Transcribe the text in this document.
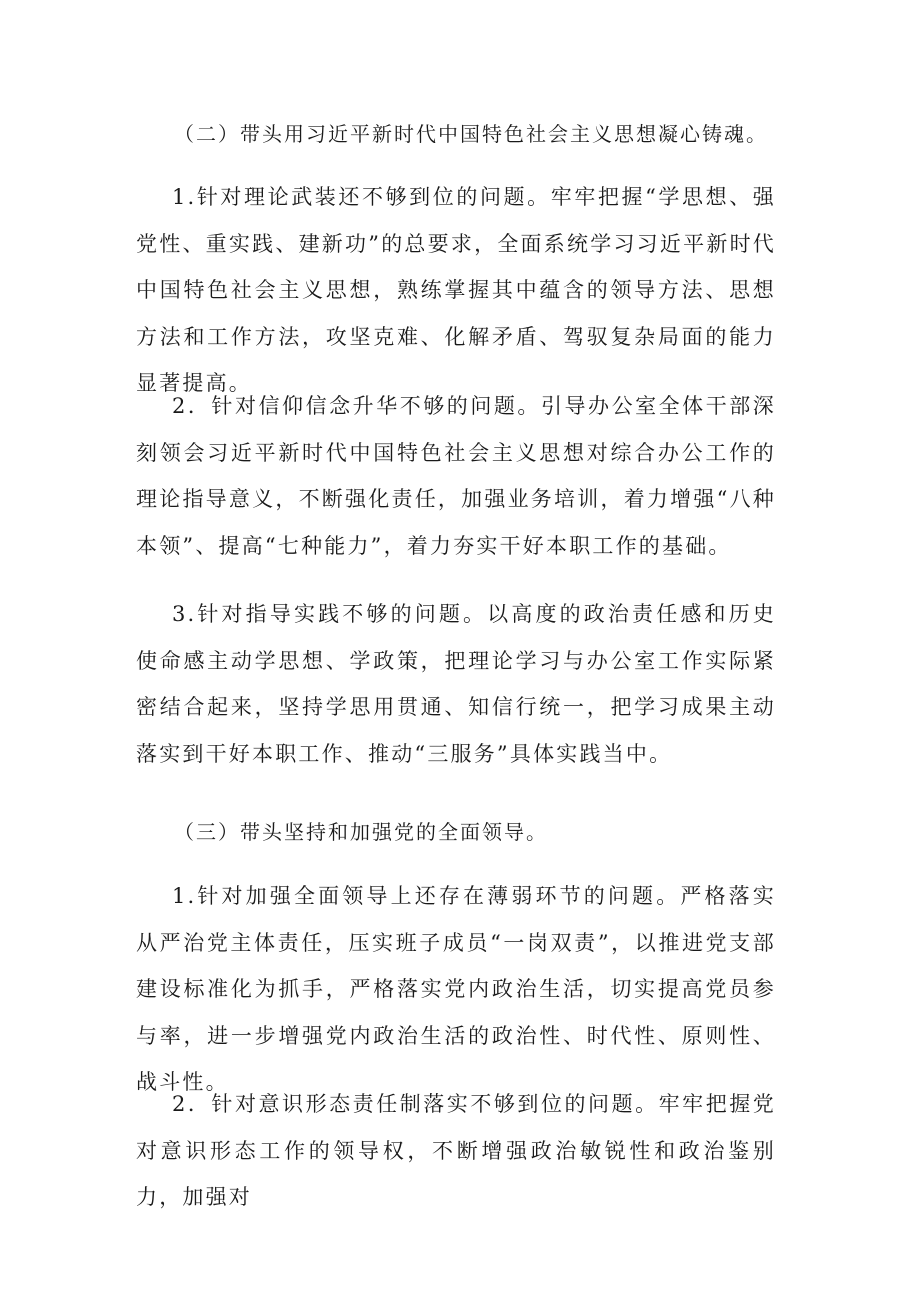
（二）带头用习近平新时代中国特色社会主义思想凝心铸魂。

1.针对理论武装还不够到位的问题。牢牢把握“学思想、强党性、重实践、建新功”的总要求，全面系统学习习近平新时代中国特色社会主义思想，熟练掌握其中蕴含的领导方法、思想方法和工作方法，攻坚克难、化解矛盾、驾驭复杂局面的能力显著提高。

2．针对信仰信念升华不够的问题。引导办公室全体干部深刻领会习近平新时代中国特色社会主义思想对综合办公工作的理论指导意义，不断强化责任，加强业务培训，着力增强“八种本领”、提高“七种能力”，着力夯实干好本职工作的基础。

3.针对指导实践不够的问题。以高度的政治责任感和历史使命感主动学思想、学政策，把理论学习与办公室工作实际紧密结合起来，坚持学思用贯通、知信行统一，把学习成果主动落实到干好本职工作、推动“三服务”具体实践当中。

（三）带头坚持和加强党的全面领导。

1.针对加强全面领导上还存在薄弱环节的问题。严格落实从严治党主体责任，压实班子成员“一岗双责”，以推进党支部建设标准化为抓手，严格落实党内政治生活，切实提高党员参与率，进一步增强党内政治生活的政治性、时代性、原则性、战斗性。

2．针对意识形态责任制落实不够到位的问题。牢牢把握党对意识形态工作的领导权，不断增强政治敏锐性和政治鉴别力，加强对
